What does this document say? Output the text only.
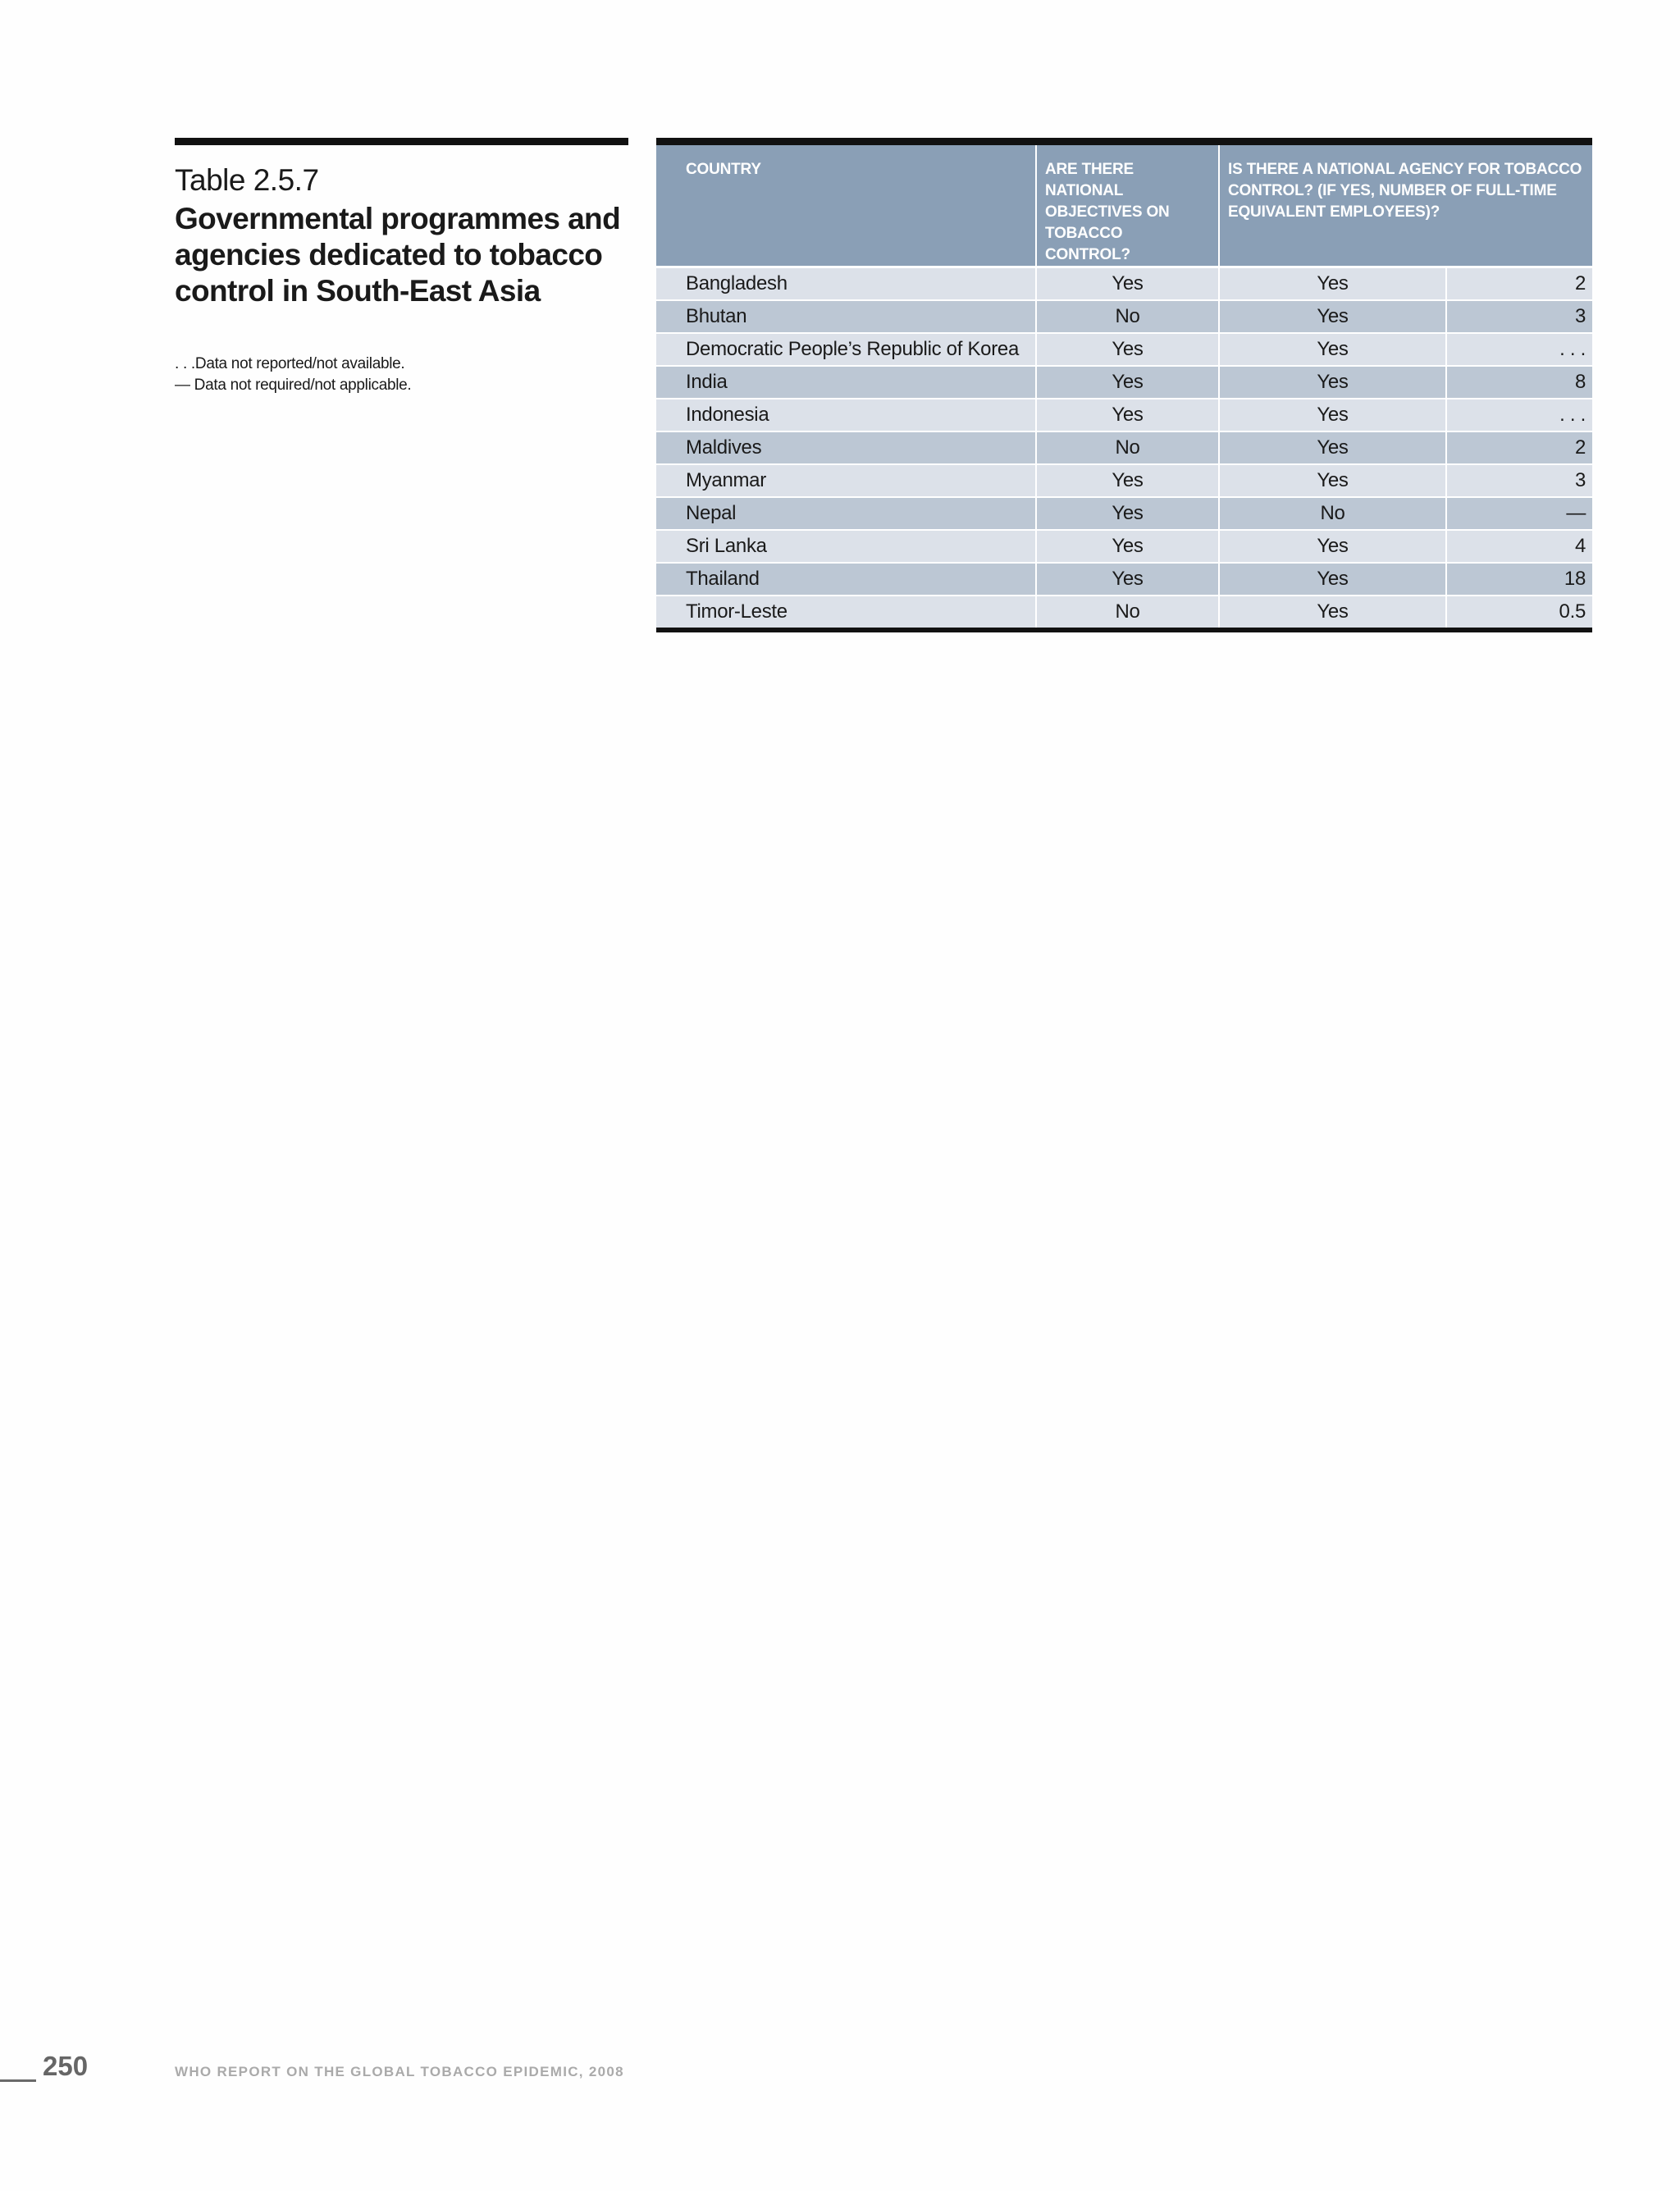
Table 2.5.7
Governmental programmes and agencies dedicated to tobacco control in South-East Asia
. . .Data not reported/not available.
— Data not required/not applicable.
COUNTRY	ARE THERE NATIONAL OBJECTIVES ON TOBACCO CONTROL?	IS THERE A NATIONAL AGENCY FOR TOBACCO CONTROL? (IF YES, NUMBER OF FULL-TIME EQUIVALENT EMPLOYEES)?	
Bangladesh	Yes	Yes	2
Bhutan	No	Yes	3
Democratic People’s Republic of Korea	Yes	Yes	. . .
India	Yes	Yes	8
Indonesia	Yes	Yes	. . .
Maldives	No	Yes	2
Myanmar	Yes	Yes	3
Nepal	Yes	No	—
Sri Lanka	Yes	Yes	4
Thailand	Yes	Yes	18
Timor-Leste	No	Yes	0.5
250	WHO REPORT ON THE GLOBAL TOBACCO EPIDEMIC, 2008
